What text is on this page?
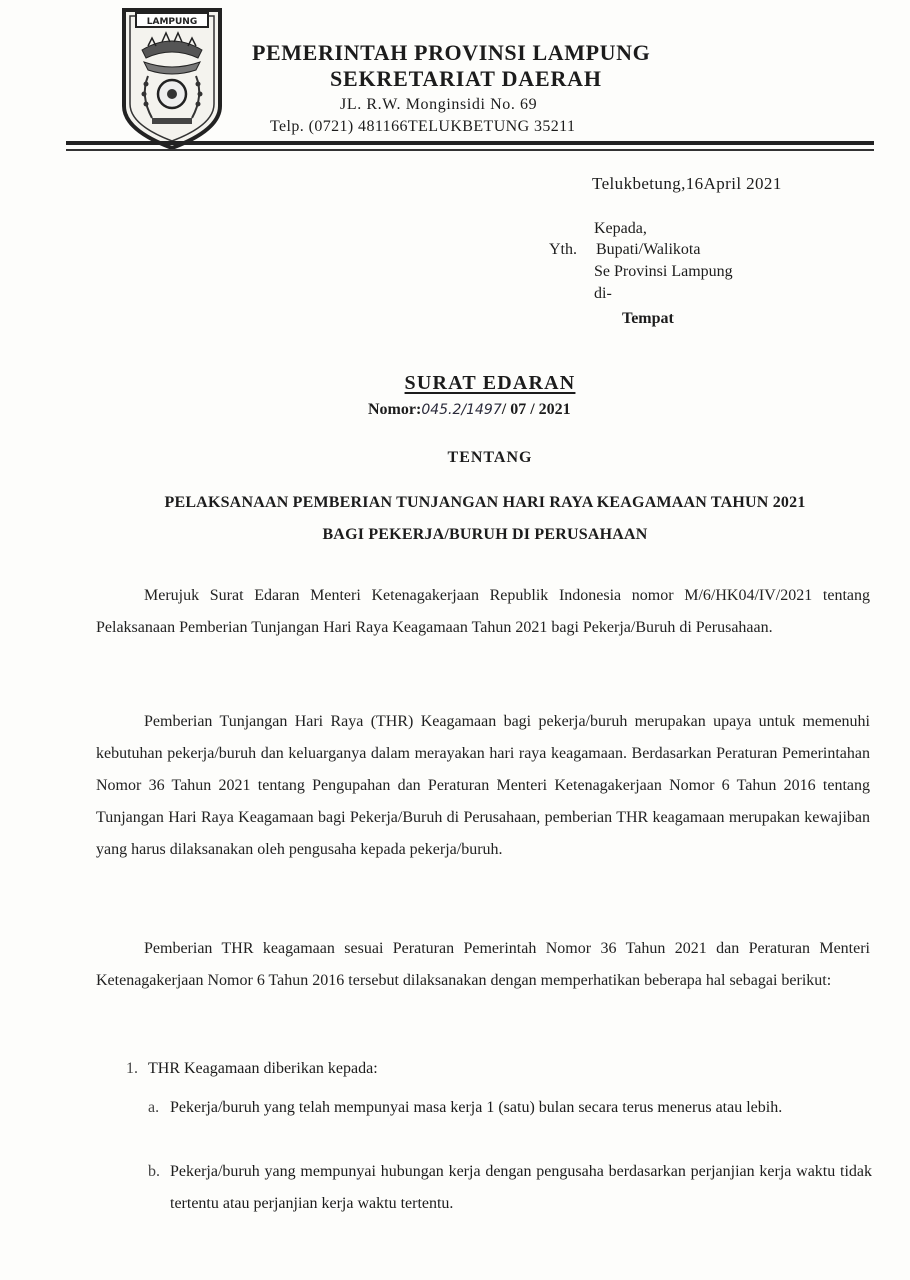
LAMPUNG
PEMERINTAH PROVINSI LAMPUNG
SEKRETARIAT DAERAH
JL. R.W. Monginsidi No. 69
Telp. (0721) 481166TELUKBETUNG 35211
Telukbetung,16April 2021
Kepada,
Yth. Bupati/Walikota
Se Provinsi Lampung
di-
Tempat
SURAT EDARAN
Nomor:045.2/1497/ 07 / 2021
TENTANG
PELAKSANAAN PEMBERIAN TUNJANGAN HARI RAYA KEAGAMAAN TAHUN 2021
BAGI PEKERJA/BURUH DI PERUSAHAAN
Merujuk Surat Edaran Menteri Ketenagakerjaan Republik Indonesia nomor M/6/HK04/IV/2021 tentang Pelaksanaan Pemberian Tunjangan Hari Raya Keagamaan Tahun 2021 bagi Pekerja/Buruh di Perusahaan.
Pemberian Tunjangan Hari Raya (THR) Keagamaan bagi pekerja/buruh merupakan upaya untuk memenuhi kebutuhan pekerja/buruh dan keluarganya dalam merayakan hari raya keagamaan. Berdasarkan Peraturan Pemerintahan Nomor 36 Tahun 2021 tentang Pengupahan dan Peraturan Menteri Ketenagakerjaan Nomor 6 Tahun 2016 tentang Tunjangan Hari Raya Keagamaan bagi Pekerja/Buruh di Perusahaan, pemberian THR keagamaan merupakan kewajiban yang harus dilaksanakan oleh pengusaha kepada pekerja/buruh.
Pemberian THR keagamaan sesuai Peraturan Pemerintah Nomor 36 Tahun 2021 dan Peraturan Menteri Ketenagakerjaan Nomor 6 Tahun 2016 tersebut dilaksanakan dengan memperhatikan beberapa hal sebagai berikut:
1. THR Keagamaan diberikan kepada:
a. Pekerja/buruh yang telah mempunyai masa kerja 1 (satu) bulan secara terus menerus atau lebih.
b. Pekerja/buruh yang mempunyai hubungan kerja dengan pengusaha berdasarkan perjanjian kerja waktu tidak tertentu atau perjanjian kerja waktu tertentu.
